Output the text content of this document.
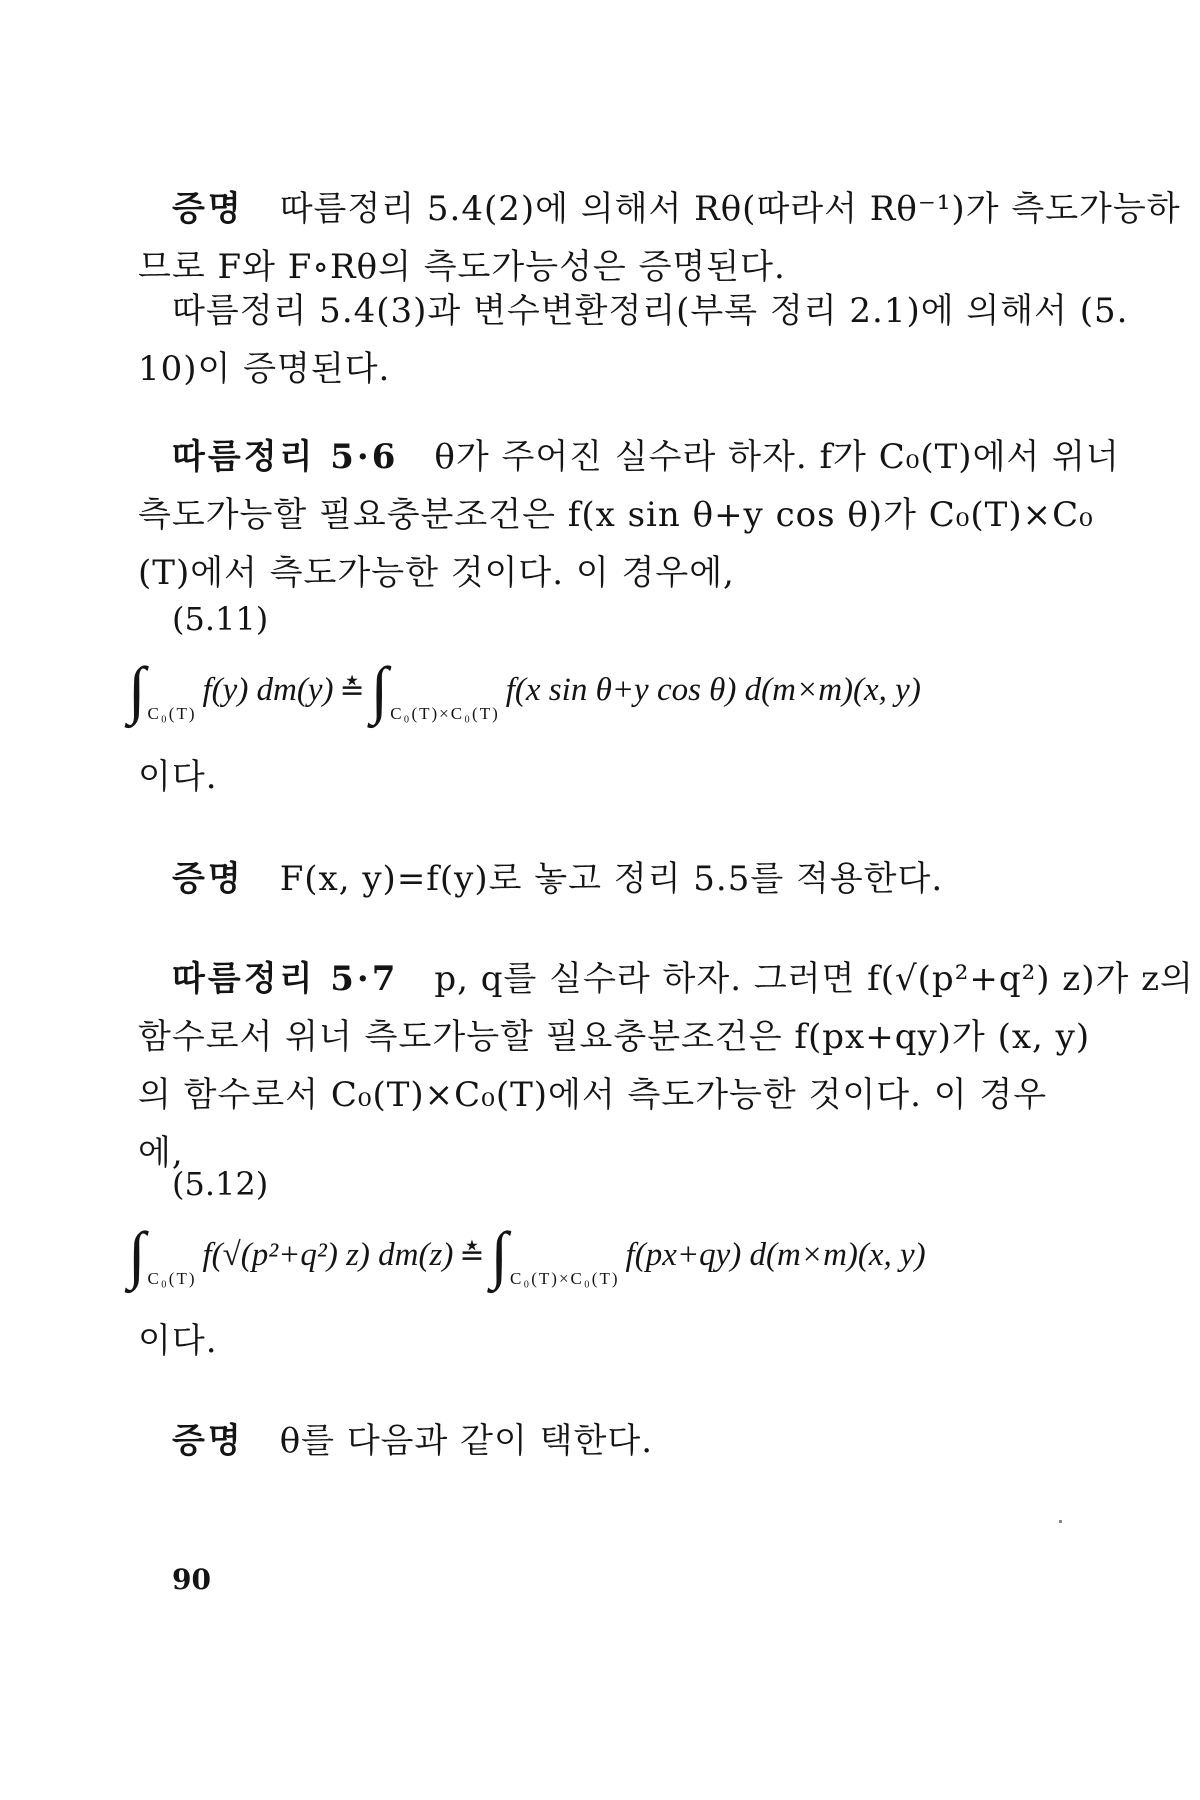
증명 따름정리 5.4(2)에 의해서 Rθ(따라서 Rθ⁻¹)가 측도가능하
므로 F와 F∘Rθ의 측도가능성은 증명된다.
따름정리 5.4(3)과 변수변환정리(부록 정리 2.1)에 의해서 (5.
10)이 증명된다.
따름정리 5·6 θ가 주어진 실수라 하자. f가 C₀(T)에서 위너
측도가능할 필요충분조건은 f(x sin θ+y cos θ)가 C₀(T)×C₀
(T)에서 측도가능한 것이다. 이 경우에,
(5.11)
∫ C₀(T)
f(y) dm(y) ≛ ∫ C₀(T)×C₀(T)
f(x sin θ+y cos θ) d(m×m)(x, y)
이다.
증명 F(x, y)=f(y)로 놓고 정리 5.5를 적용한다.
따름정리 5·7 p, q를 실수라 하자. 그러면 f(√(p²+q²) z)가 z의
함수로서 위너 측도가능할 필요충분조건은 f(px+qy)가 (x, y)
의 함수로서 C₀(T)×C₀(T)에서 측도가능한 것이다. 이 경우
에,
(5.12)
∫ C₀(T)
f(√(p²+q²) z) dm(z) ≛ ∫ C₀(T)×C₀(T)
f(px+qy) d(m×m)(x, y)
이다.
증명 θ를 다음과 같이 택한다.
90
